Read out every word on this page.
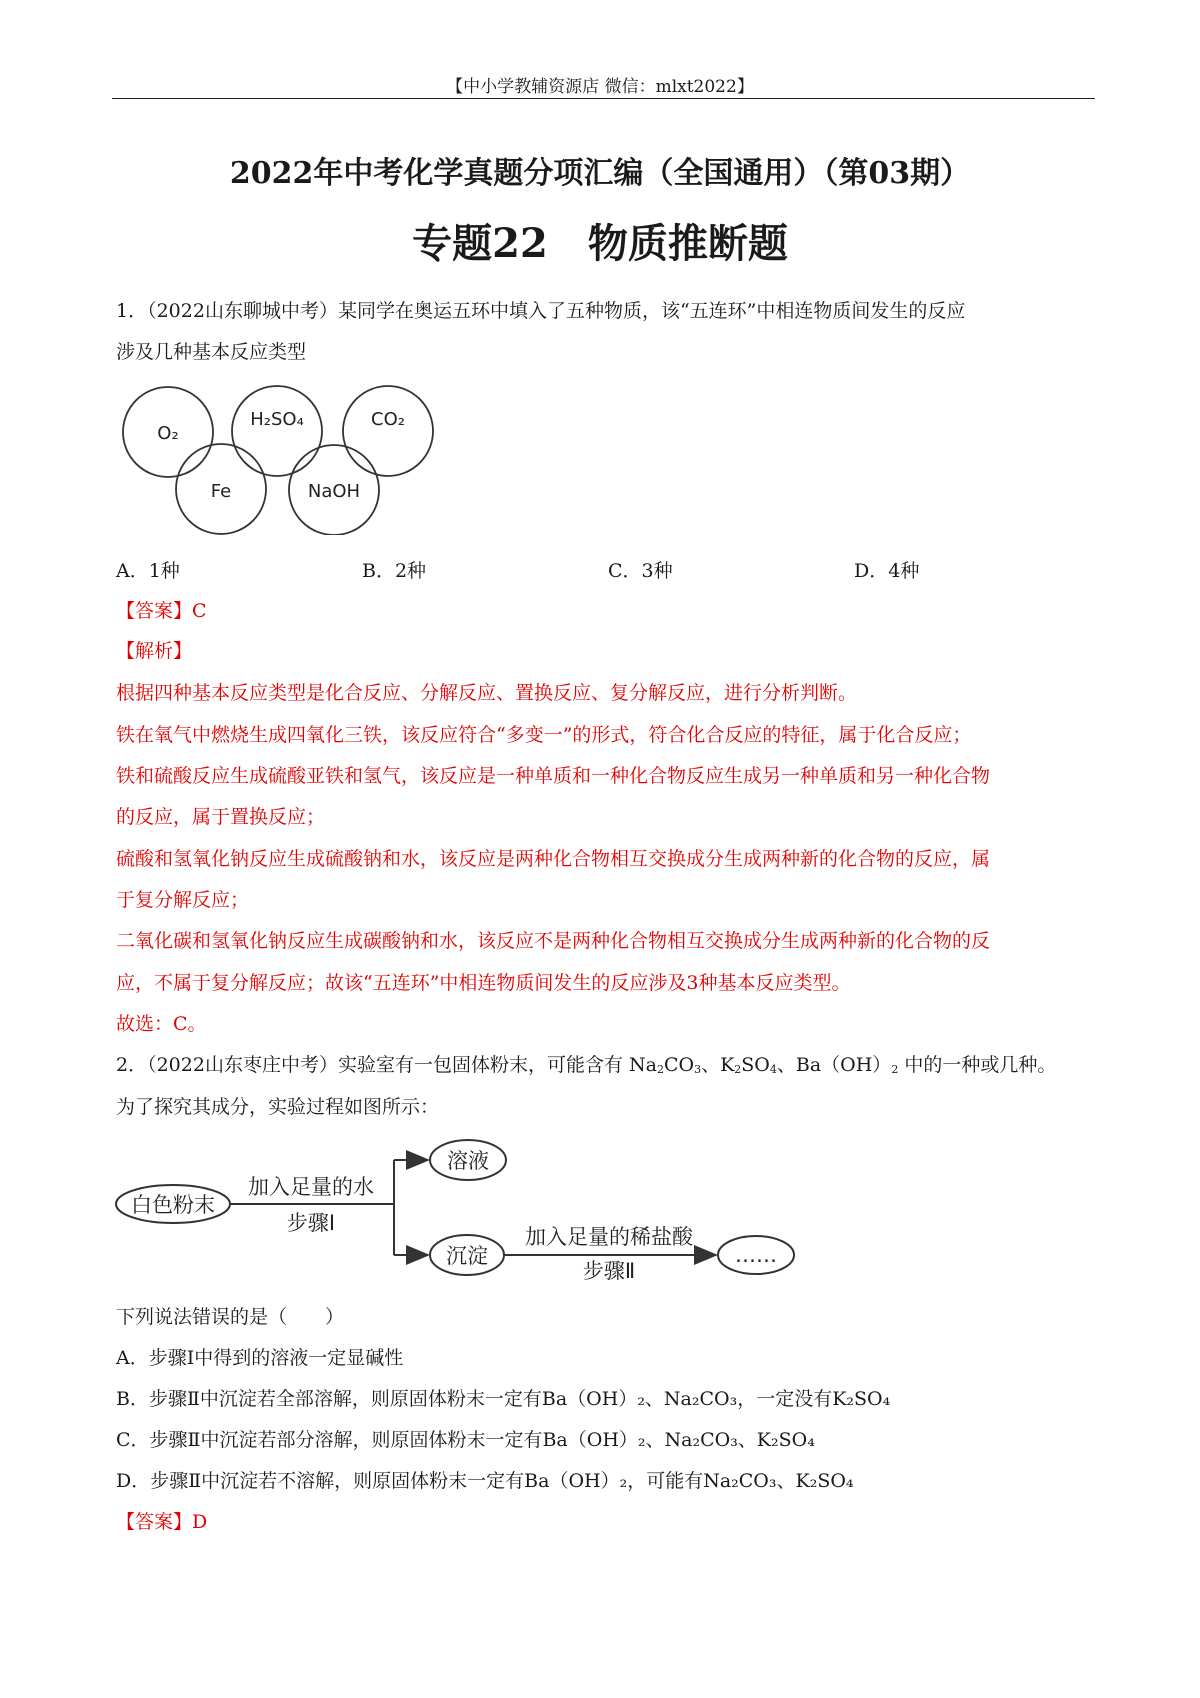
【中小学教辅资源店 微信：mlxt2022】
2022年中考化学真题分项汇编（全国通用）（第03期）
专题22　物质推断题
1．（2022山东聊城中考）某同学在奥运五环中填入了五种物质，该“五连环”中相连物质间发生的反应
涉及几种基本反应类型
O₂
H₂SO₄	CO₂
Fe	NaOH
A．1种	B．2种	C．3种	D．4种
【答案】C
【解析】
根据四种基本反应类型是化合反应、分解反应、置换反应、复分解反应，进行分析判断。
铁在氧气中燃烧生成四氧化三铁，该反应符合“多变一”的形式，符合化合反应的特征，属于化合反应；
铁和硫酸反应生成硫酸亚铁和氢气，该反应是一种单质和一种化合物反应生成另一种单质和另一种化合物
的反应，属于置换反应；
硫酸和氢氧化钠反应生成硫酸钠和水，该反应是两种化合物相互交换成分生成两种新的化合物的反应，属
于复分解反应；
二氧化碳和氢氧化钠反应生成碳酸钠和水，该反应不是两种化合物相互交换成分生成两种新的化合物的反
应，不属于复分解反应；故该“五连环”中相连物质间发生的反应涉及3种基本反应类型。
故选：C。
2．（2022山东枣庄中考）实验室有一包固体粉末，可能含有 $Na_2CO_3$、$K_2SO_4$、$Ba(OH)_2$ 中的一种或几种。
为了探究其成分，实验过程如图所示：
白色粉末
加入足量的水
步骤Ⅰ
溶液
沉淀
加入足量的稀盐酸
步骤Ⅱ
……
下列说法错误的是（　　）
A．步骤Ⅰ中得到的溶液一定显碱性
B．步骤Ⅱ中沉淀若全部溶解，则原固体粉末一定有Ba（OH）₂、Na₂CO₃，一定没有K₂SO₄
C．步骤Ⅱ中沉淀若部分溶解，则原固体粉末一定有Ba（OH）₂、Na₂CO₃、K₂SO₄
D．步骤Ⅱ中沉淀若不溶解，则原固体粉末一定有Ba（OH）₂，可能有Na₂CO₃、K₂SO₄
【答案】D
